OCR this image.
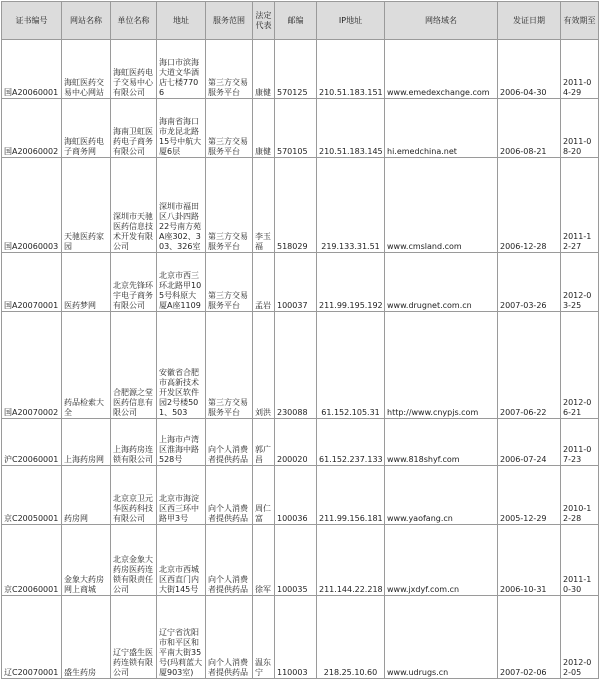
证书编号	网站名称	单位名称	地址	服务范围	法定代表	邮编	IP地址	网络域名	发证日期	有效期至
国A20060001	海虹医药交易中心网站	海虹医药电子交易中心有限公司	海口市滨海大道文华酒店七楼7706	第三方交易服务平台	康健	570125	210.51.183.151	www.emedexchange.com	2006-04-30	2011-04-29
国A20060002	海虹医药电子商务网	海南卫虹医药电子商务有限公司	海南省海口市龙昆北路15号中航大厦6层	第三方交易服务平台	康健	570105	210.51.183.145	hi.emedchina.net	2006-08-21	2011-08-20
国A20060003	天驰医药家园	深圳市天驰医药信息技术开发有限公司	深圳市福田区八卦四路22号南方苑A座302、303、326室	第三方交易服务平台	李玉福	518029	219.133.31.51	www.cmsland.com	2006-12-28	2011-12-27
国A20070001	医药梦网	北京先锋环宇电子商务有限公司	北京市西三环北路甲105号科原大厦A座1109	第三方交易服务平台	孟岩	100037	211.99.195.192	www.drugnet.com.cn	2007-03-26	2012-03-25
国A20070002	药品检索大全	合肥源之堂医药信息有限公司	安徽省合肥市高新技术开发区软件园2号楼501、503	第三方交易服务平台	刘洪	230088	61.152.105.31	http://www.cnypjs.com	2007-06-22	2012-06-21
沪C20060001	上海药房网	上海药房连锁有限公司	上海市卢湾区淮海中路528号	向个人消费者提供药品	郭广昌	200020	61.152.237.133	www.818shyf.com	2006-07-24	2011-07-23
京C20050001	药房网	北京京卫元华医药科技有限公司	北京市海淀区西三环中路甲3号	向个人消费者提供药品	周仁富	100036	211.99.156.181	www.yaofang.cn	2005-12-29	2010-12-28
京C20060001	金象大药房网上商城	北京金象大药房医药连锁有限责任公司	北京市西城区西直门内大街145号	向个人消费者提供药品	徐军	100035	211.144.22.218	www.jxdyf.com.cn	2006-10-31	2011-10-30
辽C20070001	盛生药房	辽宁盛生医药连锁有限公司	辽宁省沈阳市和平区和平南大街35号(玛莉蓝大厦903室)	向个人消费者提供药品	温东宁	110003	218.25.10.60	www.udrugs.cn	2007-02-06	2012-02-05
